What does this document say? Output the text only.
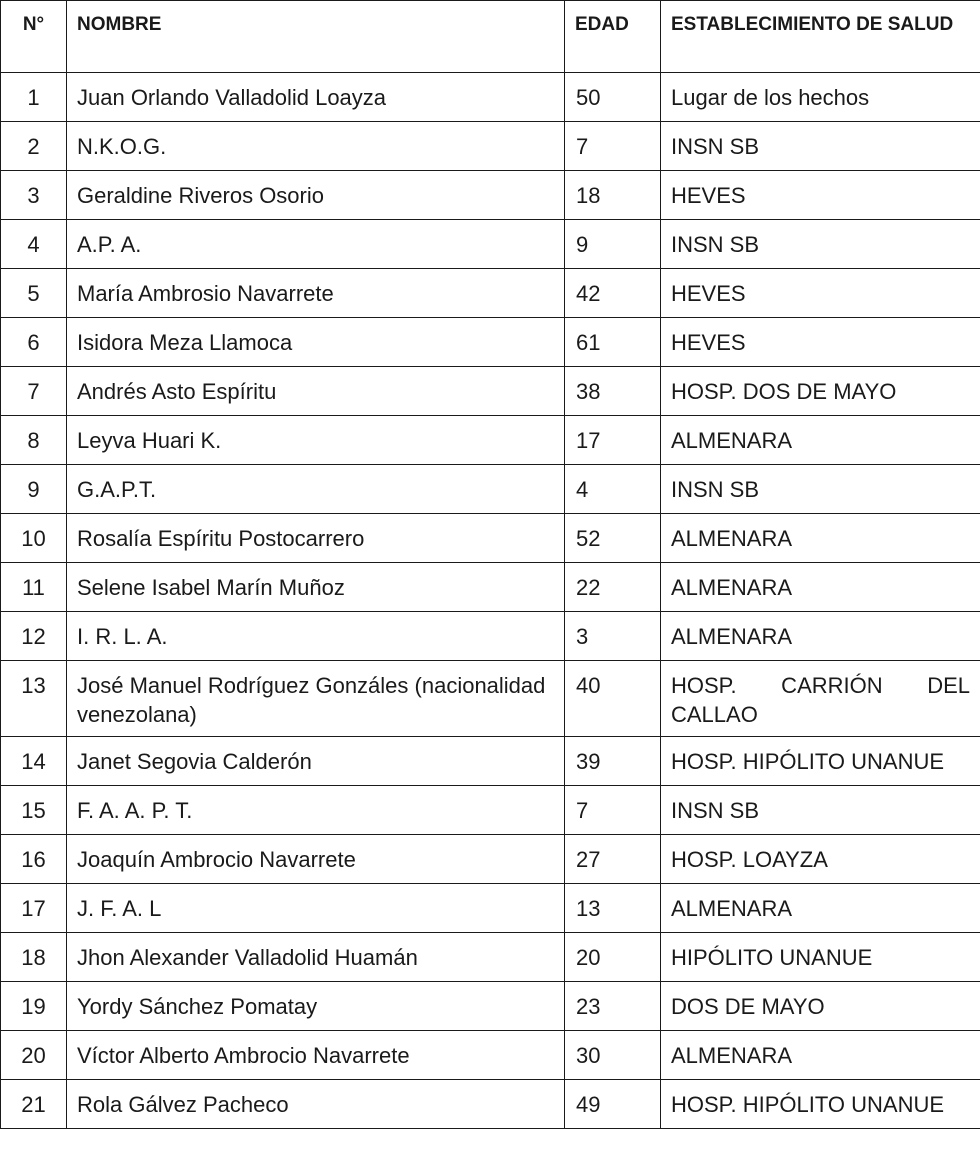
N°	NOMBRE	EDAD	ESTABLECIMIENTO DE SALUD
1	Juan Orlando Valladolid Loayza	50	Lugar de los hechos
2	N.K.O.G.	7	INSN SB
3	Geraldine Riveros Osorio	18	HEVES
4	A.P. A.	9	INSN SB
5	María Ambrosio Navarrete	42	HEVES
6	Isidora Meza Llamoca	61	HEVES
7	Andrés Asto Espíritu	38	HOSP. DOS DE MAYO
8	Leyva Huari K.	17	ALMENARA
9	G.A.P.T.	4	INSN SB
10	Rosalía Espíritu Postocarrero	52	ALMENARA
11	Selene Isabel Marín Muñoz	22	ALMENARA
12	I. R. L. A.	3	ALMENARA
13	José Manuel Rodríguez Gonzáles (nacionalidad venezolana)	40	HOSP. CARRIÓN DEL CALLAO
14	Janet Segovia Calderón	39	HOSP. HIPÓLITO UNANUE
15	F. A. A. P. T.	7	INSN SB
16	Joaquín Ambrocio Navarrete	27	HOSP. LOAYZA
17	J. F. A. L	13	ALMENARA
18	Jhon Alexander Valladolid Huamán	20	HIPÓLITO UNANUE
19	Yordy Sánchez Pomatay	23	DOS DE MAYO
20	Víctor Alberto Ambrocio Navarrete	30	ALMENARA
21	Rola Gálvez Pacheco	49	HOSP. HIPÓLITO UNANUE
